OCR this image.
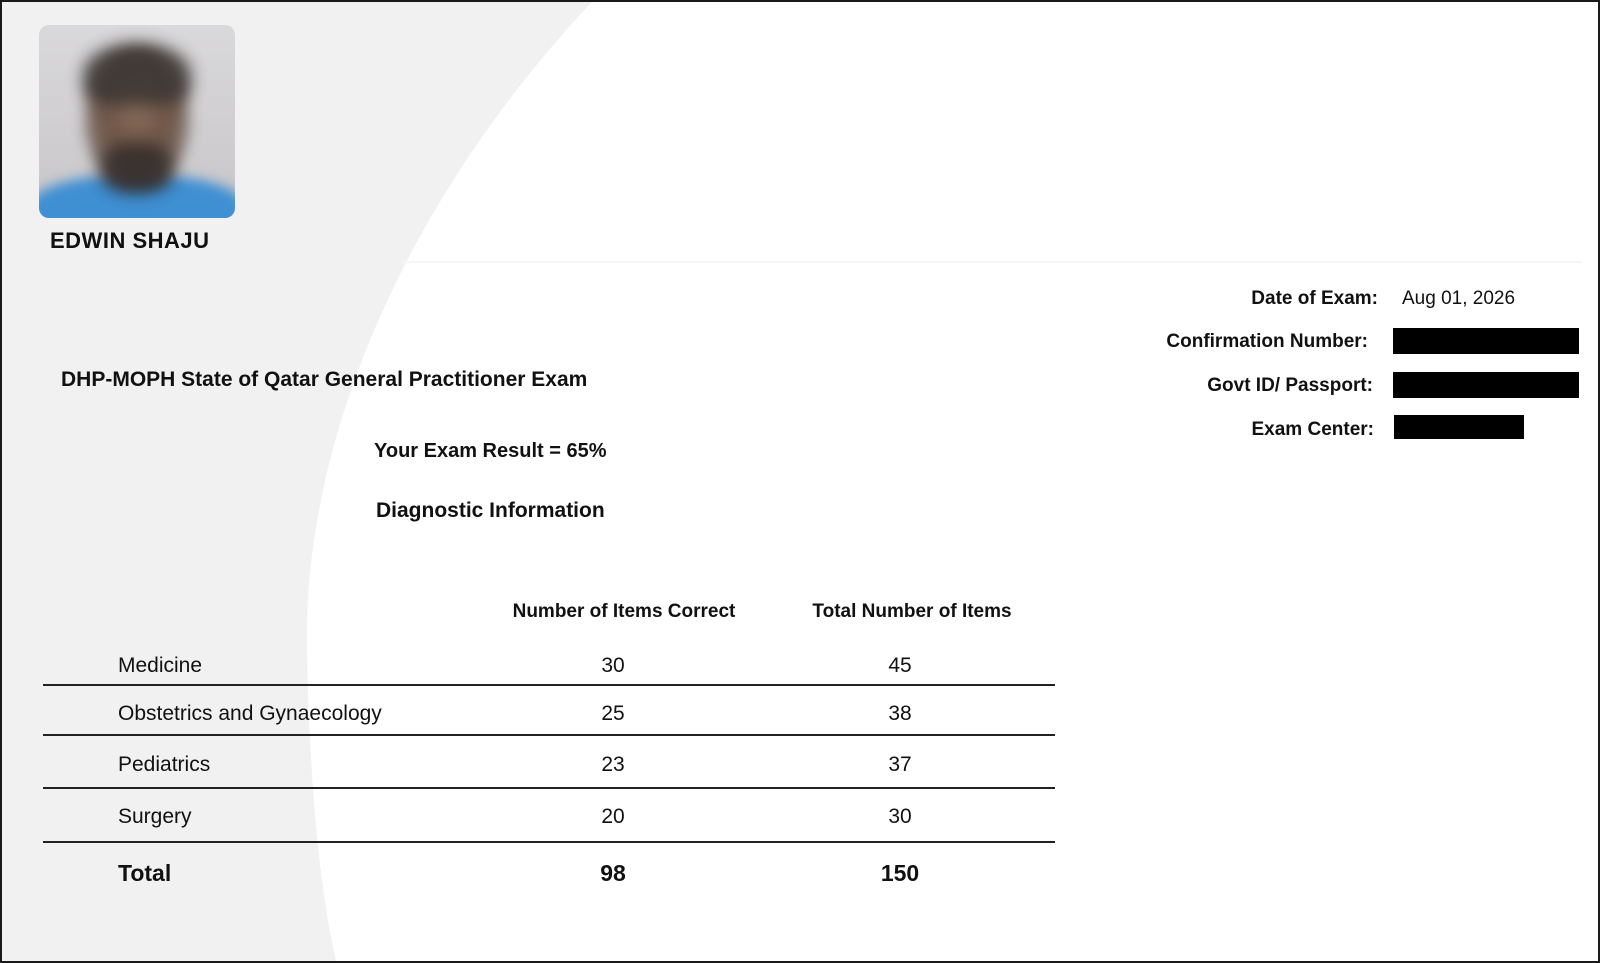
EDWIN SHAJU
Date of Exam: Aug 01, 2026
Confirmation Number:
Govt ID/ Passport:
Exam Center:
DHP-MOPH State of Qatar General Practitioner Exam
Your Exam Result = 65%
Diagnostic Information
Number of Items Correct	Total Number of Items
Medicine	30	45
Obstetrics and Gynaecology	25	38
Pediatrics	23	37
Surgery	20	30
Total	98	150
